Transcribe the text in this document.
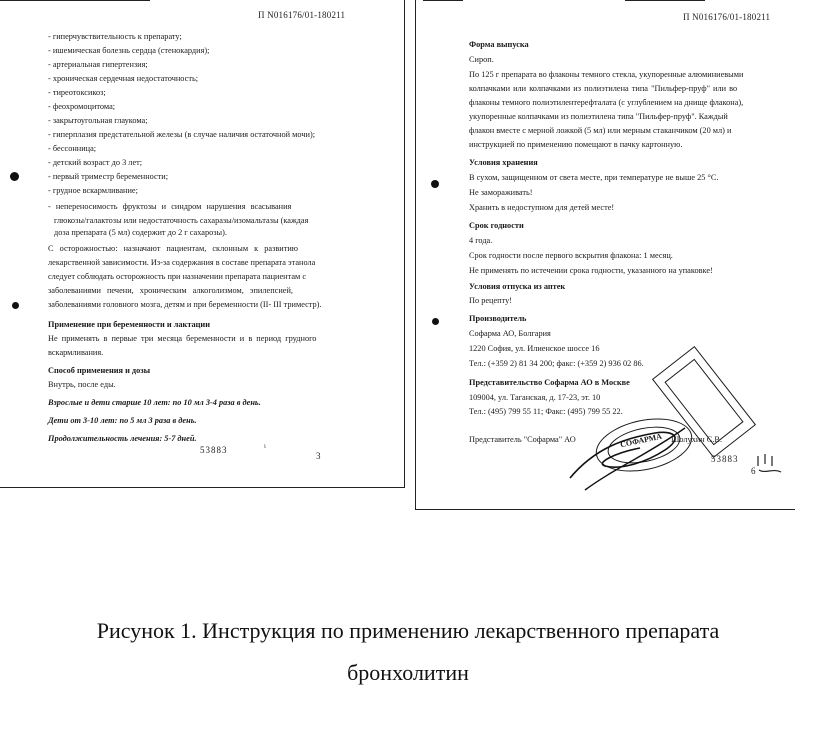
П N016176/01-180211
- гиперчувствительность к препарату;
- ишемическая болезнь сердца (стенокардия);
- артериальная гипертензия;
- хроническая сердечная недостаточность;
- тиреотоксикоз;
- феохромоцитома;
- закрытоугольная глаукома;
- гиперплазия предстательной железы (в случае наличия остаточной мочи);
- бессонница;
- детский возраст до 3 лет;
- первый триместр беременности;
- грудное вскармливание;
- непереносимость фруктозы и синдром нарушения всасывания
глюкозы/галактозы или недостаточность сахаразы/изомальтазы (каждая
доза препарата (5 мл) содержит до 2 г сахарозы).
С осторожностью: назначают пациентам, склонным к развитию
лекарственной зависимости. Из-за содержания в составе препарата этанола
следует соблюдать осторожность при назначении препарата пациентам с
заболеваниями печени, хроническим алкоголизмом, эпилепсией,
заболеваниями головного мозга, детям и при беременности (II- III триместр).
Применение при беременности и лактации
Не применять в первые три месяца беременности и в период грудного
вскармливания.
Способ применения и дозы
Внутрь, после еды.
Взрослые и дети старше 10 лет: по 10 мл 3-4 раза в день.
Дети от 3-10 лет: по 5 мл 3 раза в день.
Продолжительность лечения: 5-7 дней.
53883
3
ι
П N016176/01-180211
Форма выпуска
Сироп.
По 125 г препарата во флаконы темного стекла, укупоренные алюминиевыми
колпачками или колпачками из полиэтилена типа "Пильфер-пруф" или во
флаконы темного полиэтилентерефталата (с углублением на днище флакона),
укупоренные колпачками из полиэтилена типа "Пильфер-пруф". Каждый
флакон вместе с мерной ложкой (5 мл) или мерным стаканчиком (20 мл) и
инструкцией по применению помещают в пачку картонную.
Условия хранения
В сухом, защищенном от света месте, при температуре не выше 25 °С.
Не замораживать!
Хранить в недоступном для детей месте!
Срок годности
4 года.
Срок годности после первого вскрытия флакона: 1 месяц.
Не применять по истечении срока годности, указанного на упаковке!
Условия отпуска из аптек
По рецепту!
Производитель
Софарма АО, Болгария
1220 София, ул. Илиенское шоссе 16
Тел.: (+359 2) 81 34 200; факс: (+359 2) 936 02 86.
Представительство Софарма АО в Москве
109004, ул. Таганская, д. 17-23, эт. 10
Тел.: (495) 799 55 11; Факс: (495) 799 55 22.
Представитель "Софарма" АО	Шолухин С.В.
СОФАРМА
53883
6
Рисунок 1. Инструкция по применению лекарственного препарата
бронхолитин
